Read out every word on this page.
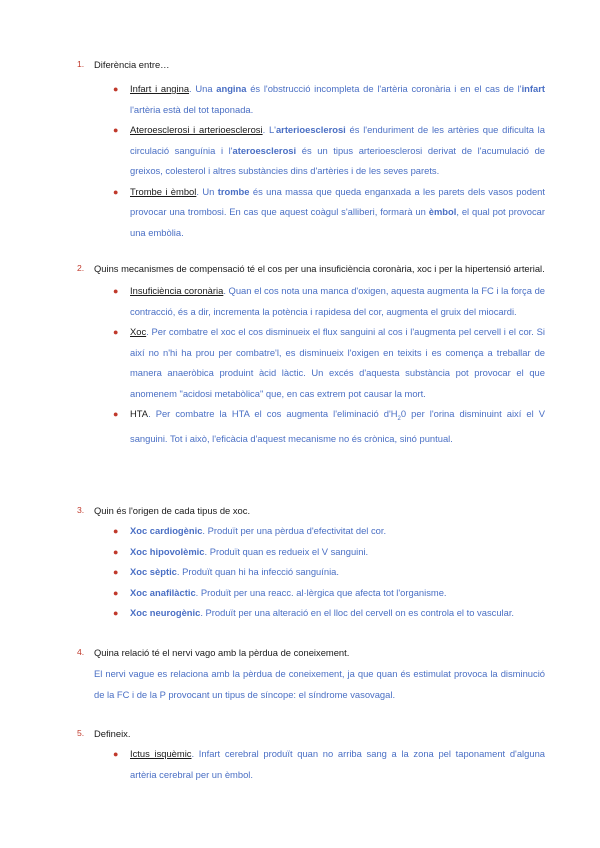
1. Diferència entre…
● Infart i angina. Una angina és l'obstrucció incompleta de l'artèria coronària i en el cas de l'infart l'artèria està del tot taponada.
● Ateroesclerosi i arterioesclerosi. L'arterioesclerosi és l'enduriment de les artèries que dificulta la circulació sanguínia i l'ateroesclerosi és un tipus arterioesclerosi derivat de l'acumulació de greixos, colesterol i altres substàncies dins d'artèries i de les seves parets.
● Trombe i èmbol. Un trombe és una massa que queda enganxada a les parets dels vasos podent provocar una trombosi. En cas que aquest coàgul s'alliberi, formarà un èmbol, el qual pot provocar una embòlia.
2. Quins mecanismes de compensació té el cos per una insuficiència coronària, xoc i per la hipertensió arterial.
● Insuficiència coronària. Quan el cos nota una manca d'oxigen, aquesta augmenta la FC i la força de contracció, és a dir, incrementa la potència i rapidesa del cor, augmenta el gruix del miocardi.
● Xoc. Per combatre el xoc el cos disminueix el flux sanguini al cos i l'augmenta pel cervell i el cor. Si així no n'hi ha prou per combatre'l, es disminueix l'oxigen en teixits i es comença a treballar de manera anaeròbica produint àcid làctic. Un excés d'aquesta substància pot provocar el que anomenem "acidosi metabòlica" que, en cas extrem pot causar la mort.
● HTA. Per combatre la HTA el cos augmenta l'eliminació $d'H_20$ per l'orina disminuint així el V sanguini. Tot i això, l'eficàcia d'aquest mecanisme no és crònica, sinó puntual.
3. Quin és l'origen de cada tipus de xoc.
● Xoc cardiogènic. Produït per una pèrdua d'efectivitat del cor.
● Xoc hipovolèmic. Produït quan es redueix el V sanguini.
● Xoc sèptic. Produït quan hi ha infecció sanguínia.
● Xoc anafilàctic. Produït per una reacc. al·lèrgica que afecta tot l'organisme.
● Xoc neurogènic. Produït per una alteració en el lloc del cervell on es controla el to vascular.
4. Quina relació té el nervi vago amb la pèrdua de coneixement.
El nervi vague es relaciona amb la pèrdua de coneixement, ja que quan és estimulat provoca la disminució de la FC i de la P provocant un tipus de síncope: el síndrome vasovagal.
5. Defineix.
● Ictus isquèmic. Infart cerebral produït quan no arriba sang a la zona pel taponament d'alguna artèria cerebral per un èmbol.
